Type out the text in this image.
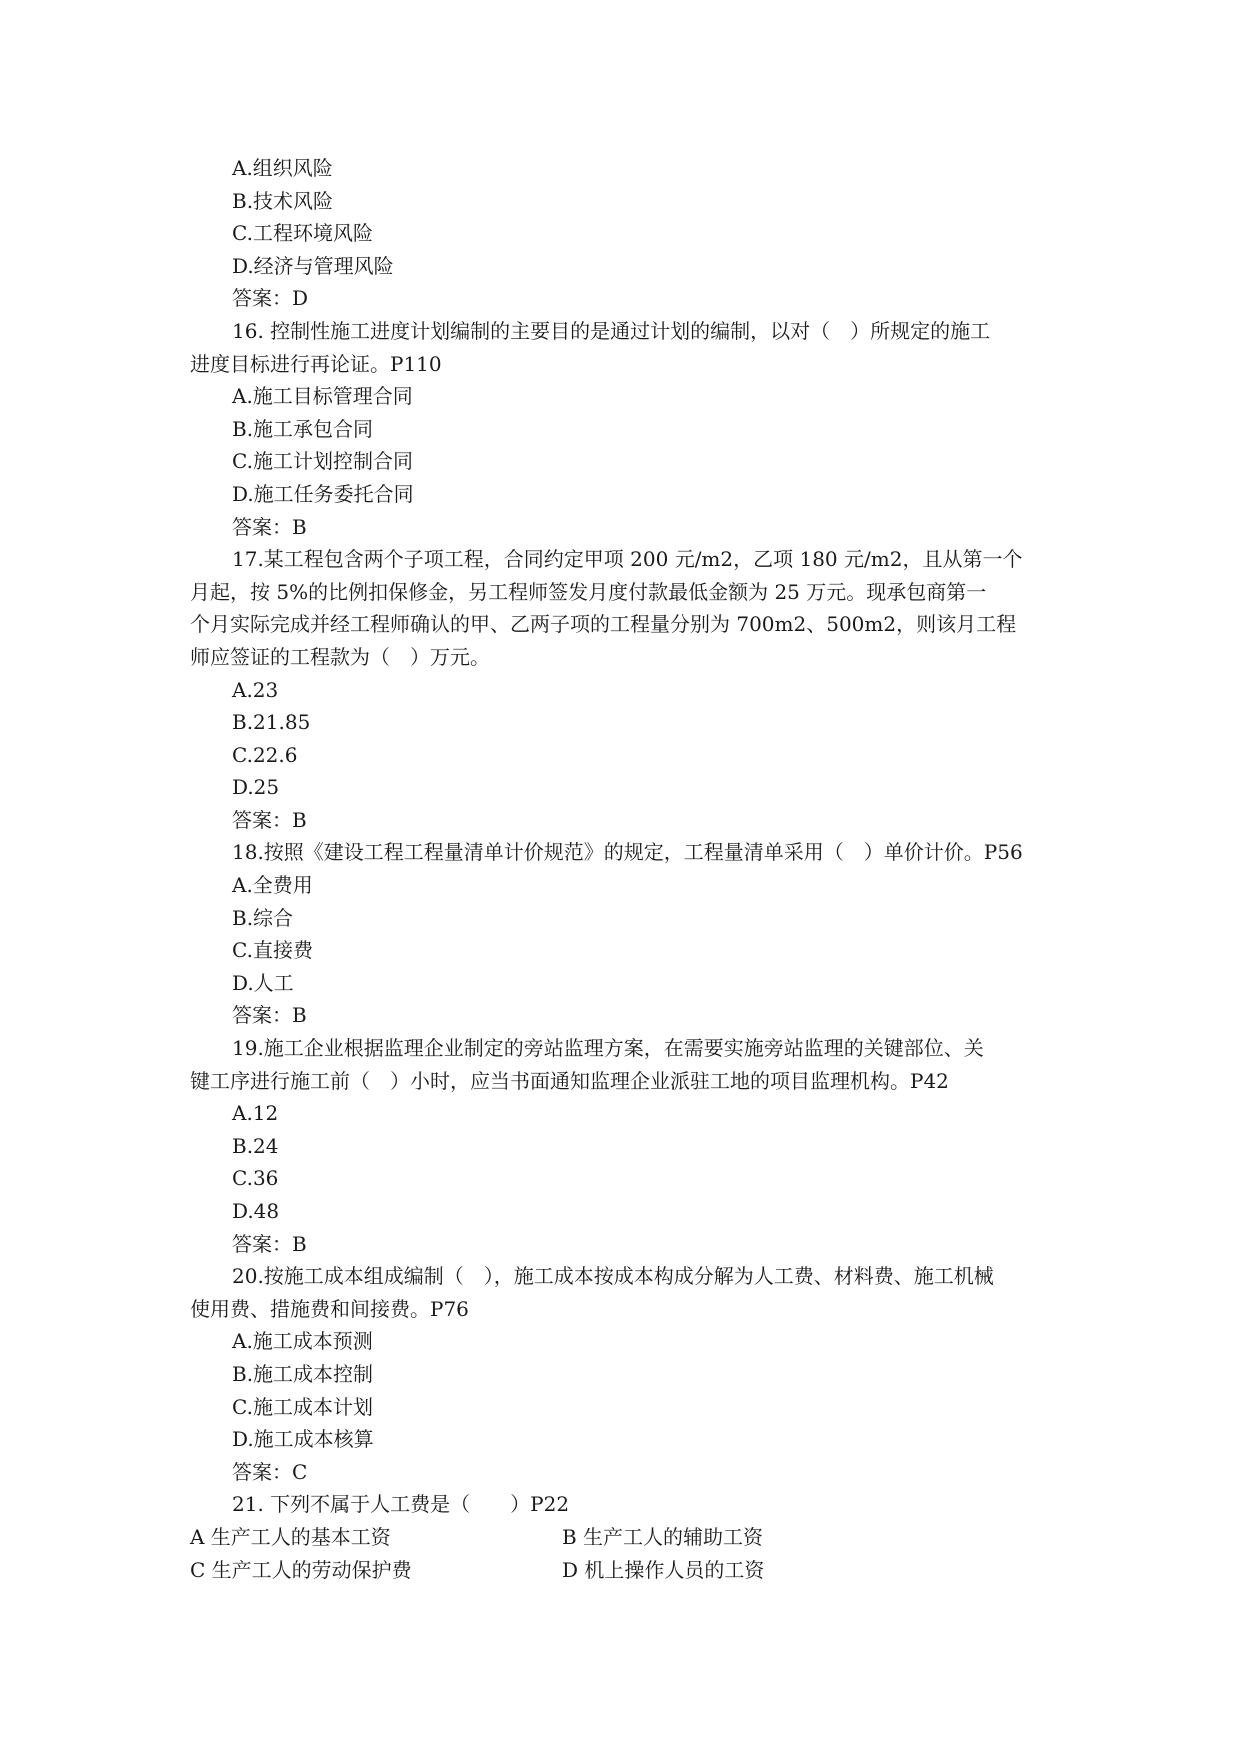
A.组织风险
B.技术风险
C.工程环境风险
D.经济与管理风险
答案：D
16. 控制性施工进度计划编制的主要目的是通过计划的编制，以对（　）所规定的施工
进度目标进行再论证。P110
A.施工目标管理合同
B.施工承包合同
C.施工计划控制合同
D.施工任务委托合同
答案：B
17.某工程包含两个子项工程，合同约定甲项 200 元/m2，乙项 180 元/m2，且从第一个
月起，按 5%的比例扣保修金，另工程师签发月度付款最低金额为 25 万元。现承包商第一
个月实际完成并经工程师确认的甲、乙两子项的工程量分别为 700m2、500m2，则该月工程
师应签证的工程款为（　）万元。
A.23
B.21.85
C.22.6
D.25
答案：B
18.按照《建设工程工程量清单计价规范》的规定，工程量清单采用（　）单价计价。P56
A.全费用
B.综合
C.直接费
D.人工
答案：B
19.施工企业根据监理企业制定的旁站监理方案，在需要实施旁站监理的关键部位、关
键工序进行施工前（　）小时，应当书面通知监理企业派驻工地的项目监理机构。P42
A.12
B.24
C.36
D.48
答案：B
20.按施工成本组成编制（　），施工成本按成本构成分解为人工费、材料费、施工机械
使用费、措施费和间接费。P76
A.施工成本预测
B.施工成本控制
C.施工成本计划
D.施工成本核算
答案：C
21. 下列不属于人工费是（　　）P22
A 生产工人的基本工资	B 生产工人的辅助工资
C 生产工人的劳动保护费	D 机上操作人员的工资
